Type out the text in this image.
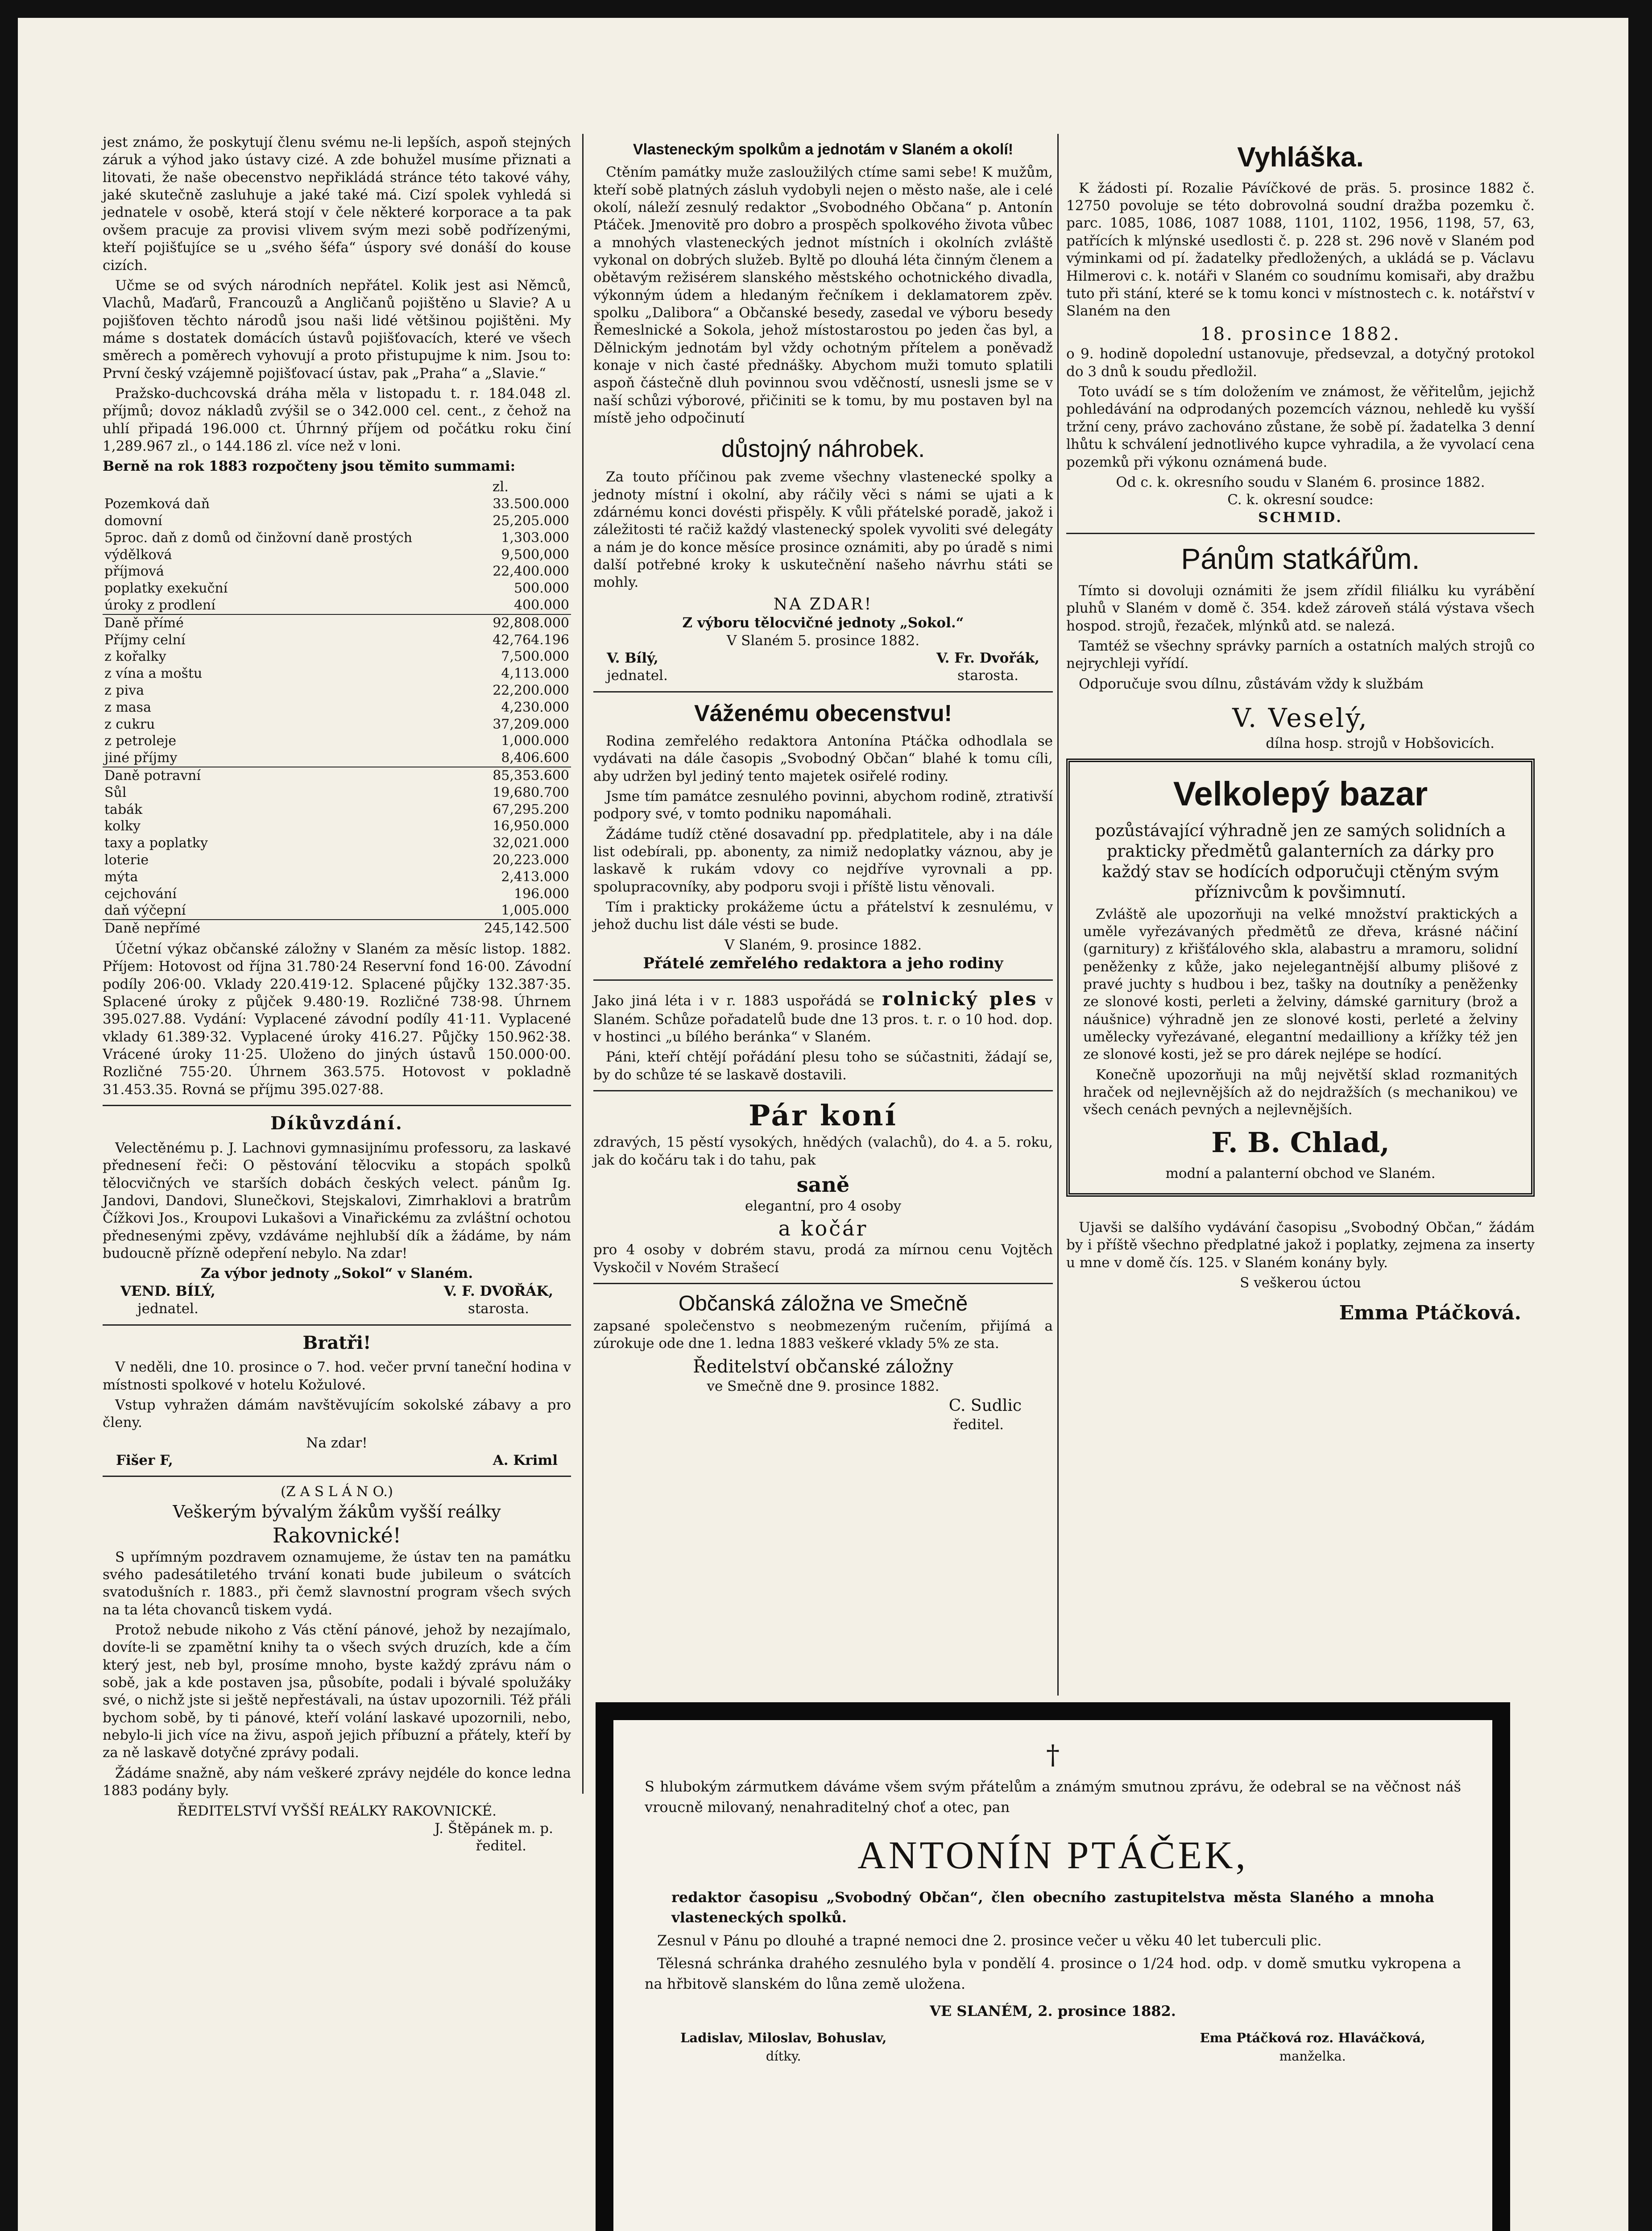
jest známo, že poskytují členu svému ne-li lepších, aspoň stejných záruk a výhod jako ústavy cizé. A zde bohužel musíme přiznati a litovati, že naše obecenstvo nepřikládá stránce této takové váhy, jaké skutečně zasluhuje a jaké také má. Cizí spolek vyhledá si jednatele v osobě, která stojí v čele některé korporace a ta pak ovšem pracuje za provisi vlivem svým mezi sobě podřízenými, kteří pojišťujíce se u „svého šéfa“ úspory své donáší do kouse cizích.

Učme se od svých národních nepřátel. Kolik jest asi Němců, Vlachů, Maďarů, Francouzů a Angličanů pojištěno u Slavie? A u pojišťoven těchto národů jsou naši lidé většinou pojištěni. My máme s dostatek domácích ústavů pojišťovacích, které ve všech směrech a poměrech vyhovují a proto přistupujme k nim. Jsou to: První český vzájemně pojišťovací ústav, pak „Praha“ a „Slavie.“

Pražsko-duchcovská dráha měla v listopadu t. r. 184.048 zl. příjmů; dovoz nákladů zvýšil se o 342.000 cel. cent., z čehož na uhlí připadá 196.000 ct. Úhrnný příjem od počátku roku činí 1,289.967 zl., o 144.186 zl. více než v loni.

Berně na rok 1883 rozpočteny jsou těmito summami:

zl.
Pozemková daň	33.500.000
domovní	25,205.000
5proc. daň z domů od činžovní daně prostých	1,303.000
výdělková	9,500,000
příjmová	22,400.000
poplatky exekuční	500.000
úroky z prodlení	400.000
Daně přímé	92,808.000
Příjmy celní	42,764.196
z kořalky	7,500.000
z vína a moštu	4,113.000
z piva	22,200.000
z masa	4,230.000
z cukru	37,209.000
z petroleje	1,000.000
jiné příjmy	8,406.600
Daně potravní	85,353.600
Sůl	19,680.700
tabák	67,295.200
kolky	16,950.000
taxy a poplatky	32,021.000
loterie	20,223.000
mýta	2,413.000
cejchování	196.000
daň výčepní	1,005.000
Daně nepřímé	245,142.500

Účetní výkaz občanské záložny v Slaném za měsíc listop. 1882. Příjem: Hotovost od října 31.780·24 Reservní fond 16·00. Závodní podíly 206·00. Vklady 220.419·12. Splacené půjčky 132.387·35. Splacené úroky z půjček 9.480·19. Rozličné 738·98. Úhrnem 395.027.88. Vydání: Vyplacené závodní podíly 41·11. Vyplacené vklady 61.389·32. Vyplacené úroky 416.27. Půjčky 150.962·38. Vrácené úroky 11·25. Uloženo do jiných ústavů 150.000·00. Rozličné 755·20. Úhrnem 363.575. Hotovost v pokladně 31.453.35. Rovná se příjmu 395.027·88.

Díkůvzdání.

Velectěnému p. J. Lachnovi gymnasijnímu professoru, za laskavé přednesení řeči: O pěstování tělocviku a stopách spolků tělocvičných ve starších dobách českých velect. pánům Ig. Jandovi, Dandovi, Slunečkovi, Stejskalovi, Zimrhaklovi a bratrům Čížkovi Jos., Kroupovi Lukašovi a Vinařickému za zvláštní ochotou přednesenými zpěvy, vzdáváme nejhlubší dík a žádáme, by nám budoucně přízně odepření nebylo. Na zdar!

Za výbor jednoty „Sokol“ v Slaném.
VEND. BÍLÝ,
jednatel.
V. F. DVOŘÁK,
starosta.
Bratři!

V neděli, dne 10. prosince o 7. hod. večer první taneční hodina v místnosti spolkové v hotelu Kožulové.

Vstup vyhražen dámám navštěvujícím sokolské zábavy a pro členy.

Na zdar!
Fišer F,	A. Kriml
(Z A S L Á N O.)
Veškerým bývalým žákům vyšší reálky
Rakovnické!

S upřímným pozdravem oznamujeme, že ústav ten na památku svého padesátiletého trvání konati bude jubileum o svátcích svatodušních r. 1883., při čemž slavnostní program všech svých na ta léta chovanců tiskem vydá.

Protož nebude nikoho z Vás ctění pánové, jehož by nezajímalo, dovíte-li se zpamětní knihy ta o všech svých druzích, kde a čím který jest, neb byl, prosíme mnoho, byste každý zprávu nám o sobě, jak a kde postaven jsa, působíte, podali i bývalé spolužáky své, o nichž jste si ještě nepřestávali, na ústav upozornili. Též přáli bychom sobě, by ti pánové, kteří volání laskavé upozornili, nebo, nebylo-li jich více na živu, aspoň jejich příbuzní a přátely, kteří by za ně laskavě dotyčné zprávy podali.

Žádáme snažně, aby nám veškeré zprávy nejdéle do konce ledna 1883 podány byly.

ŘEDITELSTVÍ VYŠŠÍ REÁLKY RAKOVNICKÉ.
J. Štěpánek m. p.
ředitel.
Vlasteneckým spolkům a jednotám v Slaném a okolí!

Ctěním památky muže zasloužilých ctíme sami sebe! K mužům, kteří sobě platných zásluh vydobyli nejen o město naše, ale i celé okolí, náleží zesnulý redaktor „Svobodného Občana“ p. Antonín Ptáček. Jmenovitě pro dobro a prospěch spolkového života vůbec a mnohých vlasteneckých jednot místních i okolních zvláště vykonal on dobrých služeb. Byltě po dlouhá léta činným členem a obětavým režisérem slanského městského ochotnického divadla, výkonným údem a hledaným řečníkem i deklamatorem zpěv. spolku „Dalibora“ a Občanské besedy, zasedal ve výboru besedy Řemeslnické a Sokola, jehož místostarostou po jeden čas byl, a Dělnickým jednotám byl vždy ochotným přítelem a poněvadž konaje v nich časté přednášky. Abychom muži tomuto splatili aspoň částečně dluh povinnou svou vděčností, usnesli jsme se v naší schůzi výborové, přičiniti se k tomu, by mu postaven byl na místě jeho odpočinutí

důstojný náhrobek.

Za touto příčinou pak zveme všechny vlastenecké spolky a jednoty místní i okolní, aby ráčily věci s námi se ujati a k zdárnému konci dovésti přispěly. K vůli přátelské poradě, jakož i záležitosti té račiž každý vlastenecký spolek vyvoliti své delegáty a nám je do konce měsíce prosince oznámiti, aby po úradě s nimi další potřebné kroky k uskutečnění našeho návrhu státi se mohly.

NA ZDAR!
Z výboru tělocvičné jednoty „Sokol.“
V Slaném 5. prosince 1882.
V. Bílý,
jednatel.
V. Fr. Dvořák,
starosta.
Váženému obecenstvu!

Rodina zemřelého redaktora Antonína Ptáčka odhodlala se vydávati na dále časopis „Svobodný Občan“ blahé k tomu cíli, aby udržen byl jediný tento majetek osiřelé rodiny.

Jsme tím památce zesnulého povinni, abychom rodině, ztrativší podpory své, v tomto podniku napomáhali.

Žádáme tudíž ctěné dosavadní pp. předplatitele, aby i na dále list odebírali, pp. abonenty, za nimiž nedoplatky váznou, aby je laskavě k rukám vdovy co nejdříve vyrovnali a pp. spolupracovníky, aby podporu svoji i příště listu věnovali.

Tím i prakticky prokážeme úctu a přátelství k zesnulému, v jehož duchu list dále vésti se bude.

V Slaném, 9. prosince 1882.
Přátelé zemřelého redaktora a jeho rodiny

Jako jiná léta i v r. 1883 uspořádá se rolnický ples v Slaném. Schůze pořadatelů bude dne 13 pros. t. r. o 10 hod. dop. v hostinci „u bílého beránka“ v Slaném.

Páni, kteří chtějí pořádání plesu toho se súčastniti, žádají se, by do schůze té se laskavě dostavili.

Pár koní

zdravých, 15 pěstí vysokých, hnědých (valachů), do 4. a 5. roku, jak do kočáru tak i do tahu, pak

saně
elegantní, pro 4 osoby
a kočár

pro 4 osoby v dobrém stavu, prodá za mírnou cenu Vojtěch Vyskočil v Novém Strašecí

Občanská záložna ve Smečně

zapsané společenstvo s neobmezeným ručením, přijímá a zúrokuje ode dne 1. ledna 1883 veškeré vklady 5% ze sta.

Ředitelství občanské záložny
ve Smečně dne 9. prosince 1882.
C. Sudlic
ředitel.
Vyhláška.

K žádosti pí. Rozalie Pávíčkové de präs. 5. prosince 1882 č. 12750 povoluje se této dobrovolná soudní dražba pozemku č. parc. 1085, 1086, 1087 1088, 1101, 1102, 1956, 1198, 57, 63, patřících k mlýnské usedlosti č. p. 228 st. 296 nově v Slaném pod výminkami od pí. žadatelky předložených, a ukládá se p. Václavu Hilmerovi c. k. notáři v Slaném co soudnímu komisaři, aby dražbu tuto při stání, které se k tomu konci v místnostech c. k. notářství v Slaném na den

18. prosince 1882.

o 9. hodině dopolední ustanovuje, předsevzal, a dotyčný protokol do 3 dnů k soudu předložil.

Toto uvádí se s tím doložením ve známost, že věřitelům, jejichž pohledávání na odprodaných pozemcích váznou, nehledě ku vyšší tržní ceny, právo zachováno zůstane, že sobě pí. žadatelka 3 denní lhůtu k schválení jednotlivého kupce vyhradila, a že vyvolací cena pozemků při výkonu oznámená bude.

Od c. k. okresního soudu v Slaném 6. prosince 1882.
C. k. okresní soudce:
SCHMID.
Pánům statkářům.

Tímto si dovoluji oznámiti že jsem zřídil filiálku ku vyrábění pluhů v Slaném v domě č. 354. kdež zároveň stálá výstava všech hospod. strojů, řezaček, mlýnků atd. se nalezá.

Tamtéž se všechny správky parních a ostatních malých strojů co nejrychleji vyřídí.

Odporučuje svou dílnu, zůstávám vždy k službám

V. Veselý,
dílna hosp. strojů v Hobšovicích.
Velkolepý bazar

pozůstávající výhradně jen ze samých solidních a prakticky předmětů galanterních za dárky pro každý stav se hodících odporučuji ctěným svým příznivcům k povšimnutí.

Zvláště ale upozorňuji na velké množství praktických a uměle vyřezávaných předmětů ze dřeva, krásné náčiní (garnitury) z křišťálového skla, alabastru a mramoru, solidní peněženky z kůže, jako nejelegantnější albumy plišové z pravé juchty s hudbou i bez, tašky na doutníky a peněženky ze slonové kosti, perleti a želviny, dámské garnitury (brož a náušnice) výhradně jen ze slonové kosti, perleté a želviny umělecky vyřezávané, elegantní medailliony a křížky též jen ze slonové kosti, jež se pro dárek nejlépe se hodící.

Konečně upozorňuji na můj největší sklad rozmanitých hraček od nejlevnějších až do nejdražších (s mechanikou) ve všech cenách pevných a nejlevnějších.

F. B. Chlad,
modní a palanterní obchod ve Slaném.

Ujavši se dalšího vydávání časopisu „Svobodný Občan,“ žádám by i příště všechno předplatné jakož i poplatky, zejmena za inserty u mne v domě čís. 125. v Slaném konány byly.

S veškerou úctou
Emma Ptáčková.
†

S hlubokým zármutkem dáváme všem svým přátelům a známým smutnou zprávu, že odebral se na věčnost náš vroucně milovaný, nenahraditelný choť a otec, pan

ANTONÍN PTÁČEK,

redaktor časopisu „Svobodný Občan“, člen obecního zastupitelstva města Slaného a mnoha vlasteneckých spolků.

Zesnul v Pánu po dlouhé a trapné nemoci dne 2. prosince večer u věku 40 let tuberculi plic.

Tělesná schránka drahého zesnulého byla v pondělí 4. prosince o 1/24 hod. odp. v domě smutku vykropena a na hřbitově slanském do lůna země uložena.

VE SLANÉM, 2. prosince 1882.
Ladislav, Miloslav, Bohuslav,
dítky.
Ema Ptáčková roz. Hlaváčková,
manželka.
